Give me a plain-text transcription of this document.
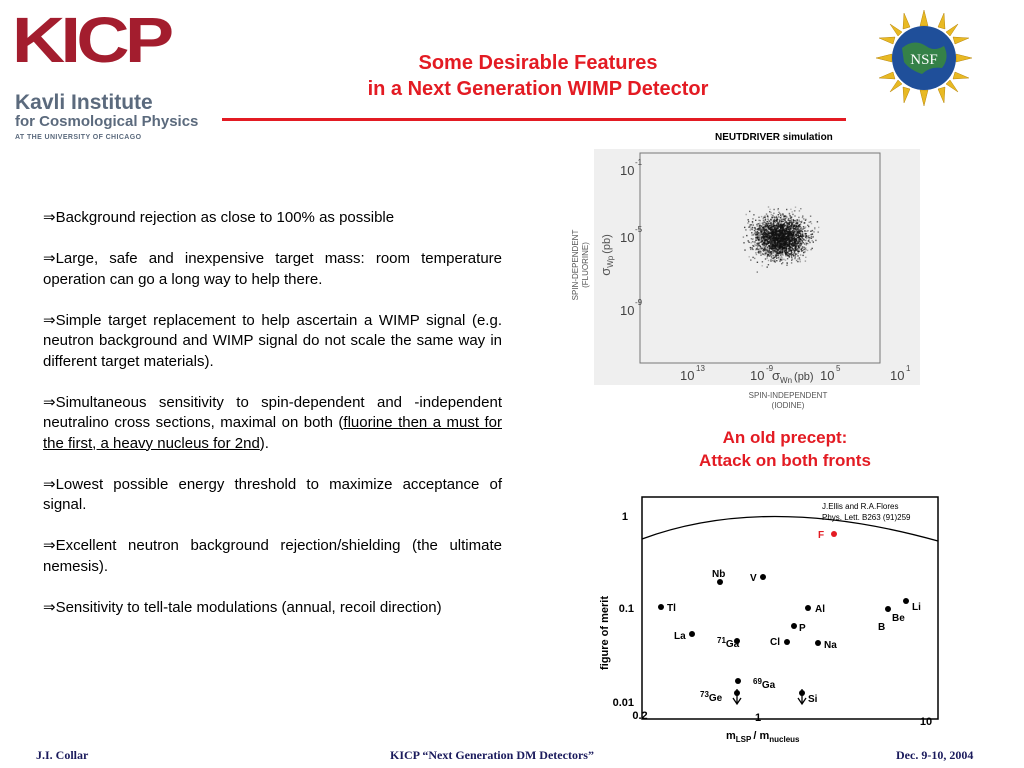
KICP
Kavli Institute
for Cosmological Physics
AT THE UNIVERSITY OF CHICAGO
Some Desirable Features
in a Next Generation WIMP Detector
NSF

⇒Background rejection as close to 100% as possible

⇒Large, safe and inexpensive target mass: room temperature operation can go a long way to help there.

⇒Simple target replacement to help ascertain a WIMP signal (e.g. neutron background and WIMP signal do not scale the same way in different target materials).

⇒Simultaneous sensitivity to spin-dependent and -independent neutralino cross sections, maximal on both (fluorine then a must for the first, a heavy nucleus for 2nd).

⇒Lowest possible energy threshold to maximize acceptance of signal.

⇒Excellent neutron background rejection/shielding (the ultimate nemesis).

⇒Sensitivity to tell-tale modulations (annual, recoil direction)

NEUTDRIVER simulation
SPIN-DEPENDENT (FLUORINE) $\sigma_{Wp}^{(pb)}$
10
-1
10
-5
10
-9
10 13	10 -9	10 5	10 1
$\sigma_{Wn}$ $^{(pb)}$
SPIN-INDEPENDENT
(IODINE)
An old precept:
Attack on both fronts
J.Ellis and R.A.Flores
Phys. Lett. B263 (91)259
figure of merit
1
0.1
0.01
0.2	1	10
$m_{LSP} / m_{nucleus}$
F
Nb V
Tl	Al
P
Li
Be
B
La	$^{71}$Ga	Cl	Na
$^{69}$Ga
$^{73}$Ge	Si
J.I. Collar	KICP “Next Generation DM Detectors”	Dec. 9-10, 2004
